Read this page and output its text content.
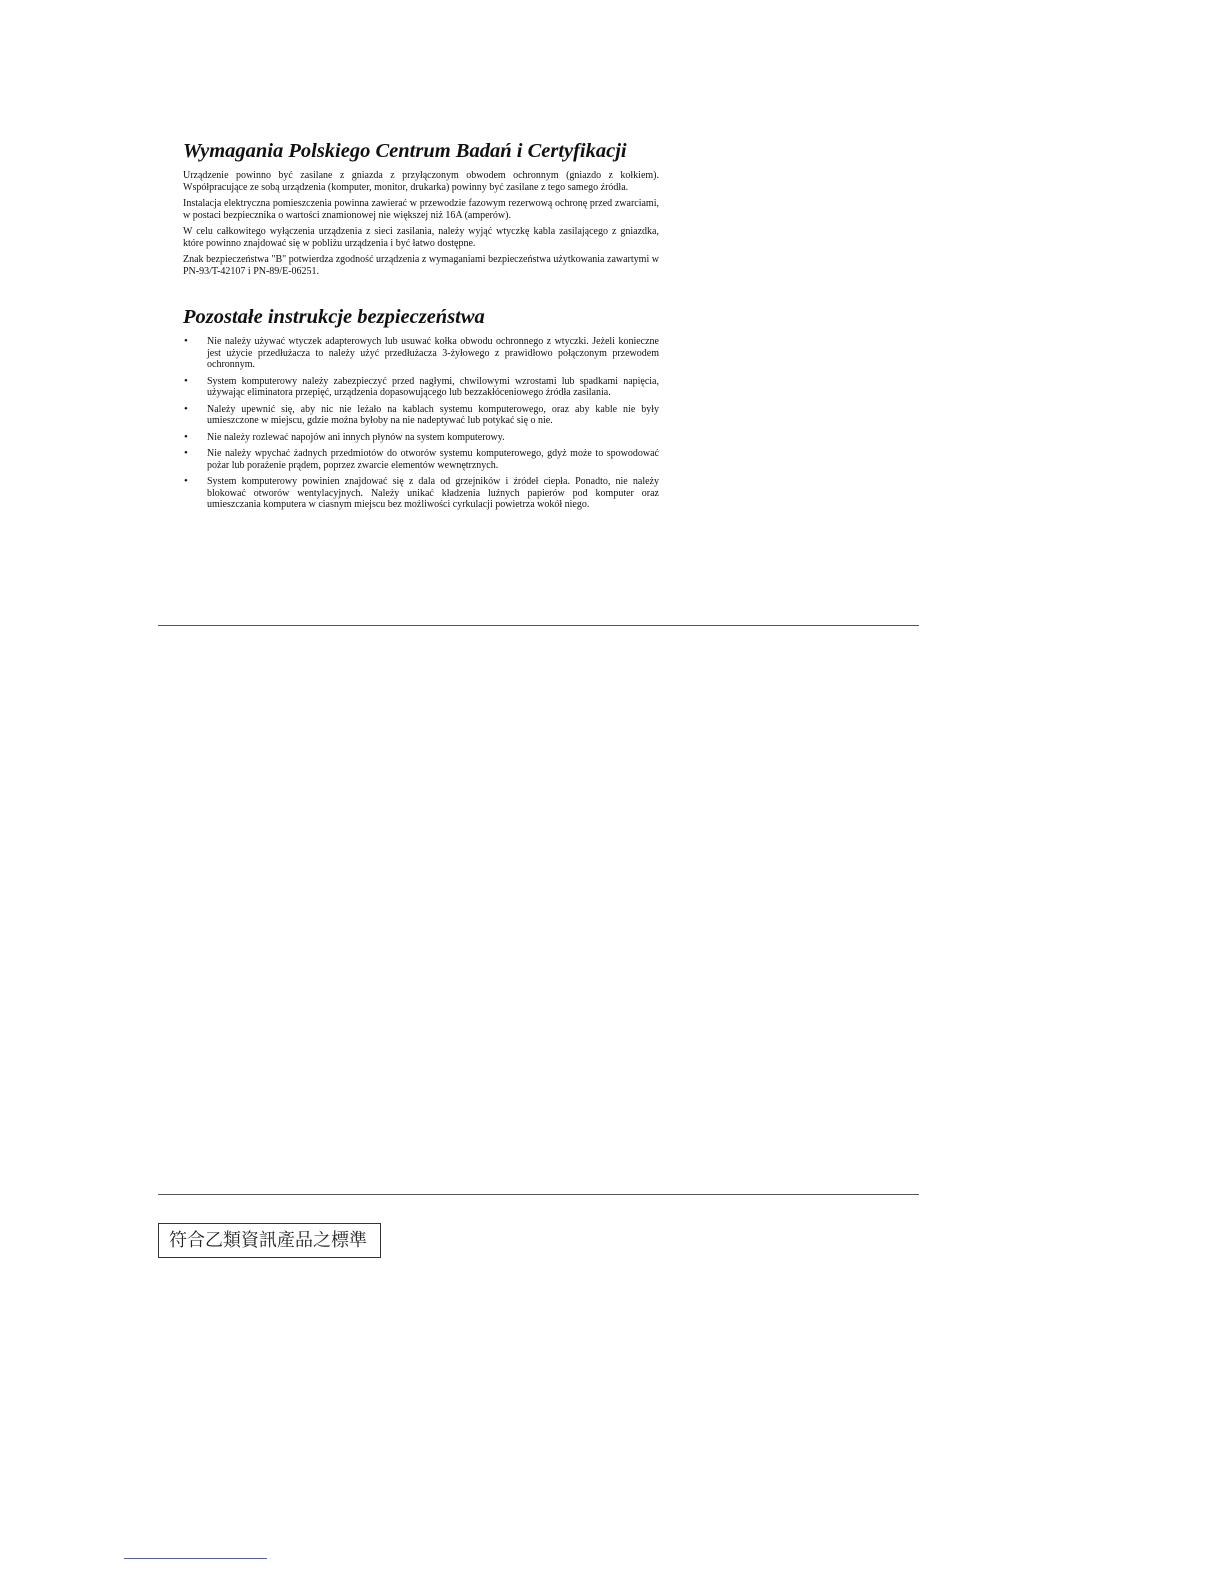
Wymagania Polskiego Centrum Badań i Certyfikacji

Urządzenie powinno być zasilane z gniazda z przyłączonym obwodem ochronnym (gniazdo z kołkiem). Współpracujące ze sobą urządzenia (komputer, monitor, drukarka) powinny być zasilane z tego samego źródła.

Instalacja elektryczna pomieszczenia powinna zawierać w przewodzie fazowym rezerwową ochronę przed zwarciami, w postaci bezpiecznika o wartości znamionowej nie większej niż 16A (amperów).

W celu całkowitego wyłączenia urządzenia z sieci zasilania, należy wyjąć wtyczkę kabla zasilającego z gniazdka, które powinno znajdować się w pobliżu urządzenia i być łatwo dostępne.

Znak bezpieczeństwa "B" potwierdza zgodność urządzenia z wymaganiami bezpieczeństwa użytkowania zawartymi w PN-93/T-42107 i PN-89/E-06251.

Pozostałe instrukcje bezpieczeństwa
• Nie należy używać wtyczek adapterowych lub usuwać kołka obwodu ochronnego z wtyczki. Jeżeli konieczne jest użycie przedłużacza to należy użyć przedłużacza 3-żyłowego z prawidłowo połączonym przewodem ochronnym.
• System komputerowy należy zabezpieczyć przed nagłymi, chwilowymi wzrostami lub spadkami napięcia, używając eliminatora przepięć, urządzenia dopasowującego lub bezzakłóceniowego źródła zasilania.
• Należy upewnić się, aby nic nie leżało na kablach systemu komputerowego, oraz aby kable nie były umieszczone w miejscu, gdzie można byłoby na nie nadeptywać lub potykać się o nie.
• Nie należy rozlewać napojów ani innych płynów na system komputerowy.
• Nie należy wpychać żadnych przedmiotów do otworów systemu komputerowego, gdyż może to spowodować pożar lub porażenie prądem, poprzez zwarcie elementów wewnętrznych.
• System komputerowy powinien znajdować się z dala od grzejników i źródeł ciepła. Ponadto, nie należy blokować otworów wentylacyjnych. Należy unikać kładzenia luźnych papierów pod komputer oraz umieszczania komputera w ciasnym miejscu bez możliwości cyrkulacji powietrza wokół niego.
符合乙類資訊產品之標準
